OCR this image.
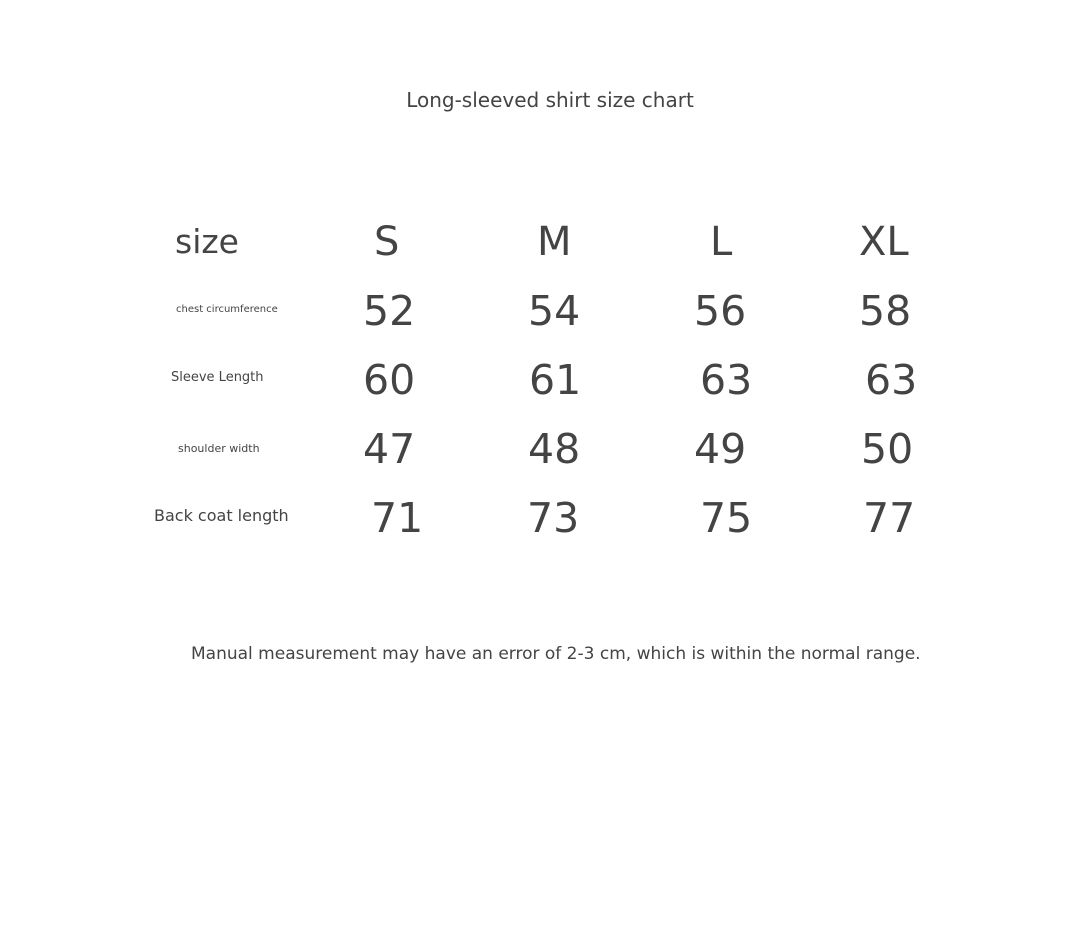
Long-sleeved shirt size chart
size	S	M	L	XL
chest circumference 52	54	56	58
Sleeve Length 60	61	63	63
shoulder width	47	48	49	50
Back coat length 71	73	75	77
Manual measurement may have an error of 2-3 cm, which is within the normal range.
